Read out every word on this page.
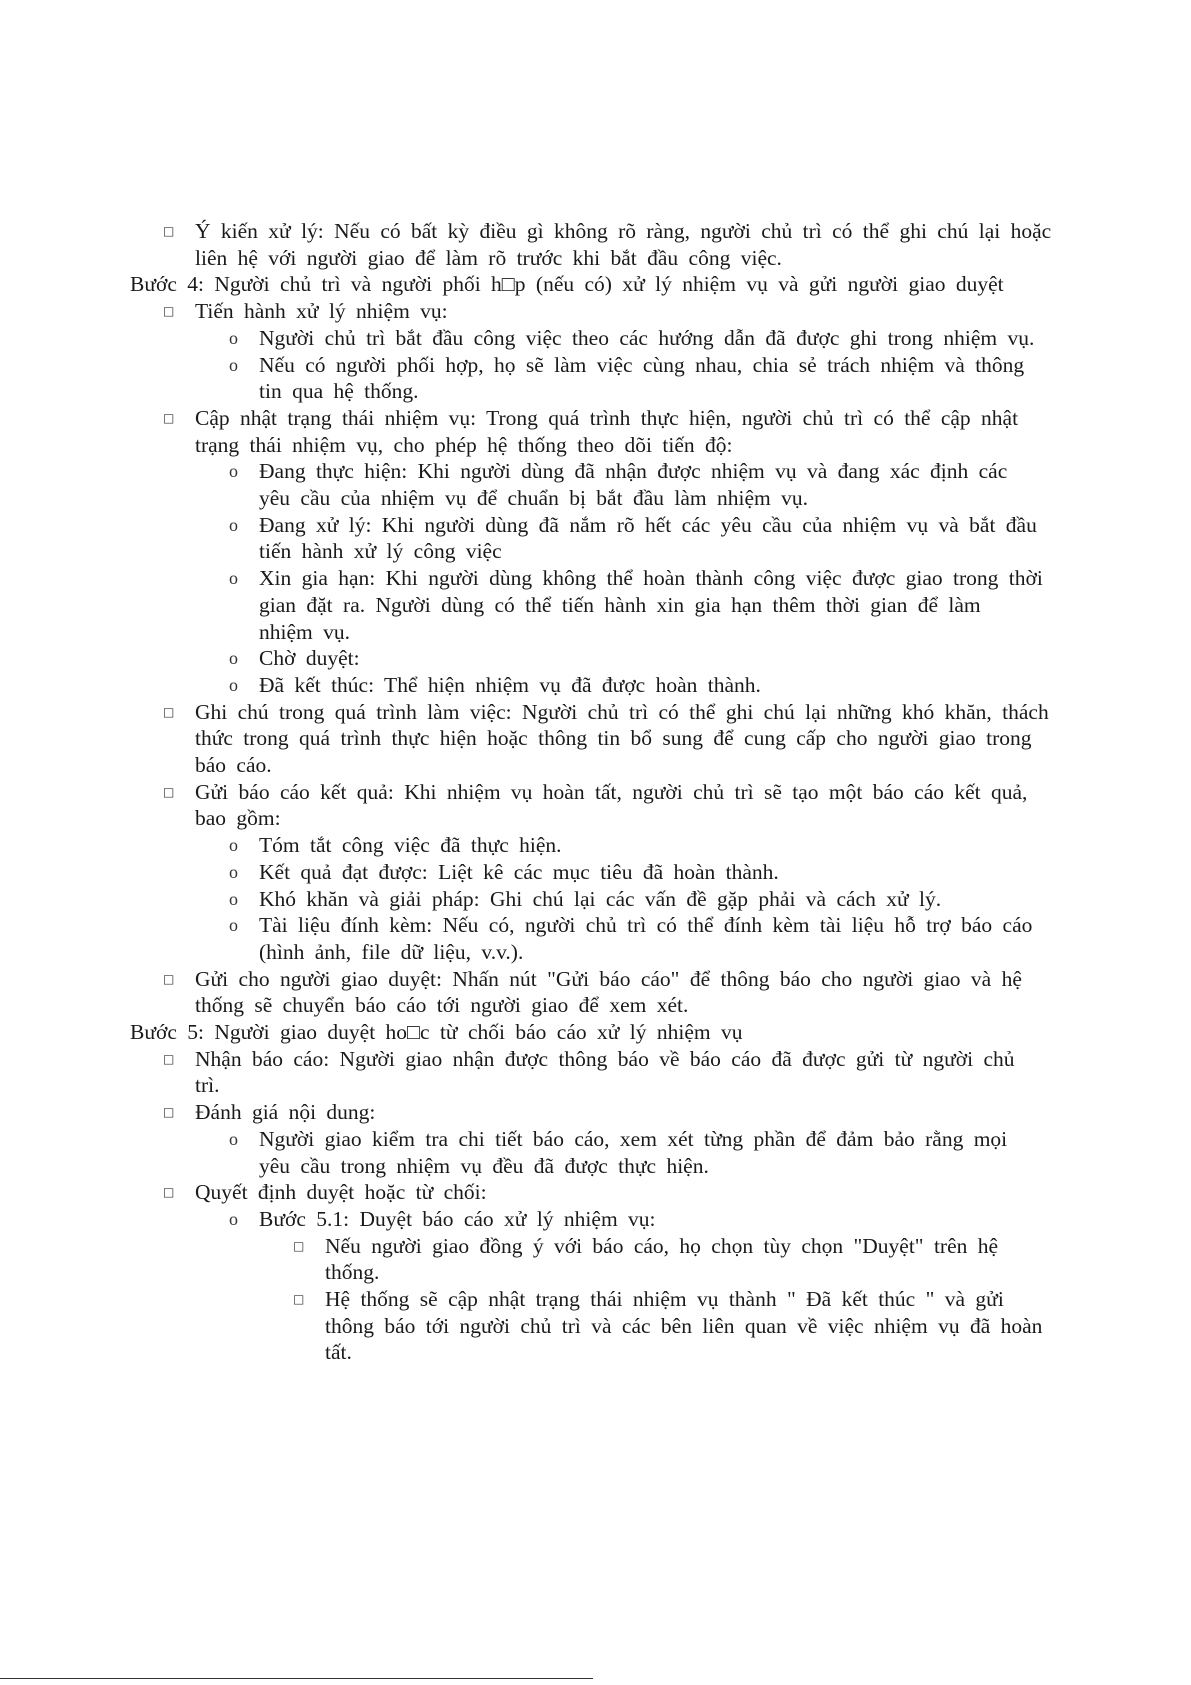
□ Ý kiến xử lý: Nếu có bất kỳ điều gì không rõ ràng, người chủ trì có thể ghi chú lại hoặc
liên hệ với người giao để làm rõ trước khi bắt đầu công việc.
Bước 4: Người chủ trì và người phối h□p (nếu có) xử lý nhiệm vụ và gửi người giao duyệt
□ Tiến hành xử lý nhiệm vụ:
o Người chủ trì bắt đầu công việc theo các hướng dẫn đã được ghi trong nhiệm vụ.
o Nếu có người phối hợp, họ sẽ làm việc cùng nhau, chia sẻ trách nhiệm và thông
tin qua hệ thống.
□ Cập nhật trạng thái nhiệm vụ: Trong quá trình thực hiện, người chủ trì có thể cập nhật
trạng thái nhiệm vụ, cho phép hệ thống theo dõi tiến độ:
o Đang thực hiện: Khi người dùng đã nhận được nhiệm vụ và đang xác định các
yêu cầu của nhiệm vụ để chuẩn bị bắt đầu làm nhiệm vụ.
o Đang xử lý: Khi người dùng đã nắm rõ hết các yêu cầu của nhiệm vụ và bắt đầu
tiến hành xử lý công việc
o Xin gia hạn: Khi người dùng không thể hoàn thành công việc được giao trong thời
gian đặt ra. Người dùng có thể tiến hành xin gia hạn thêm thời gian để làm
nhiệm vụ.
o Chờ duyệt:
o Đã kết thúc: Thể hiện nhiệm vụ đã được hoàn thành.
□ Ghi chú trong quá trình làm việc: Người chủ trì có thể ghi chú lại những khó khăn, thách
thức trong quá trình thực hiện hoặc thông tin bổ sung để cung cấp cho người giao trong
báo cáo.
□ Gửi báo cáo kết quả: Khi nhiệm vụ hoàn tất, người chủ trì sẽ tạo một báo cáo kết quả,
bao gồm:
o Tóm tắt công việc đã thực hiện.
o Kết quả đạt được: Liệt kê các mục tiêu đã hoàn thành.
o Khó khăn và giải pháp: Ghi chú lại các vấn đề gặp phải và cách xử lý.
o Tài liệu đính kèm: Nếu có, người chủ trì có thể đính kèm tài liệu hỗ trợ báo cáo
(hình ảnh, file dữ liệu, v.v.).
□ Gửi cho người giao duyệt: Nhấn nút "Gửi báo cáo" để thông báo cho người giao và hệ
thống sẽ chuyển báo cáo tới người giao để xem xét.
Bước 5: Người giao duyệt ho□c từ chối báo cáo xử lý nhiệm vụ
□ Nhận báo cáo: Người giao nhận được thông báo về báo cáo đã được gửi từ người chủ
trì.
□ Đánh giá nội dung:
o Người giao kiểm tra chi tiết báo cáo, xem xét từng phần để đảm bảo rằng mọi
yêu cầu trong nhiệm vụ đều đã được thực hiện.
□ Quyết định duyệt hoặc từ chối:
o Bước 5.1: Duyệt báo cáo xử lý nhiệm vụ:
□ Nếu người giao đồng ý với báo cáo, họ chọn tùy chọn "Duyệt" trên hệ
thống.
□ Hệ thống sẽ cập nhật trạng thái nhiệm vụ thành " Đã kết thúc " và gửi
thông báo tới người chủ trì và các bên liên quan về việc nhiệm vụ đã hoàn
tất.
